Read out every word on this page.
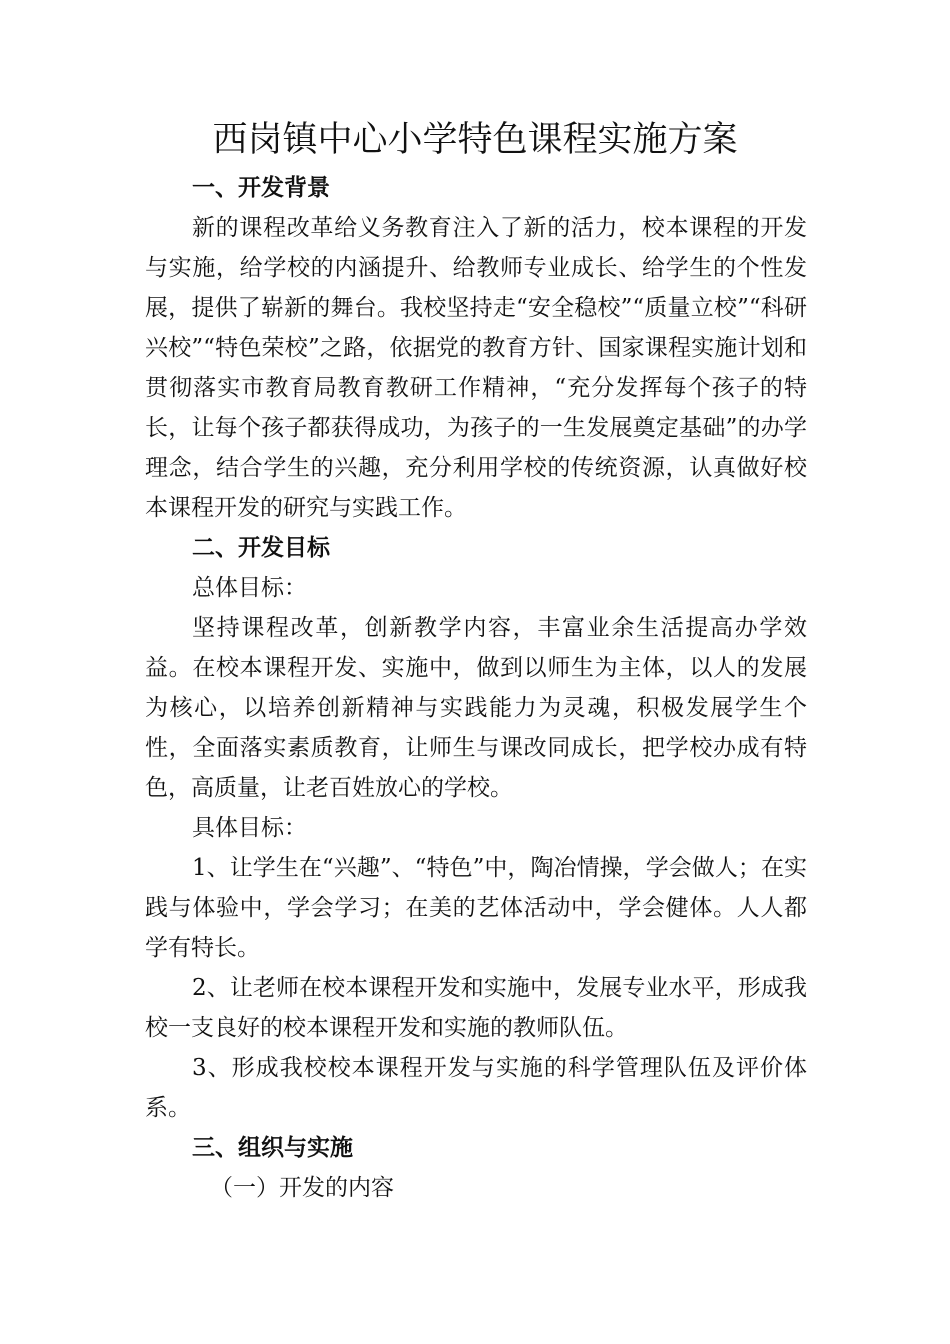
西岗镇中心小学特色课程实施方案
一、开发背景

新的课程改革给义务教育注入了新的活力，校本课程的开发与实施，给学校的内涵提升、给教师专业成长、给学生的个性发展，提供了崭新的舞台。我校坚持走“安全稳校”“质量立校”“科研兴校”“特色荣校”之路，依据党的教育方针、国家课程实施计划和贯彻落实市教育局教育教研工作精神，“充分发挥每个孩子的特长，让每个孩子都获得成功，为孩子的一生发展奠定基础”的办学理念，结合学生的兴趣，充分利用学校的传统资源，认真做好校本课程开发的研究与实践工作。

二、开发目标

总体目标：

坚持课程改革，创新教学内容，丰富业余生活提高办学效益。在校本课程开发、实施中，做到以师生为主体，以人的发展为核心，以培养创新精神与实践能力为灵魂，积极发展学生个性，全面落实素质教育，让师生与课改同成长，把学校办成有特色，高质量，让老百姓放心的学校。

具体目标：

1、让学生在“兴趣”、“特色”中，陶冶情操，学会做人；在实践与体验中，学会学习；在美的艺体活动中，学会健体。人人都学有特长。

2、让老师在校本课程开发和实施中，发展专业水平，形成我校一支良好的校本课程开发和实施的教师队伍。

3、形成我校校本课程开发与实施的科学管理队伍及评价体系。

三、组织与实施

（一）开发的内容
